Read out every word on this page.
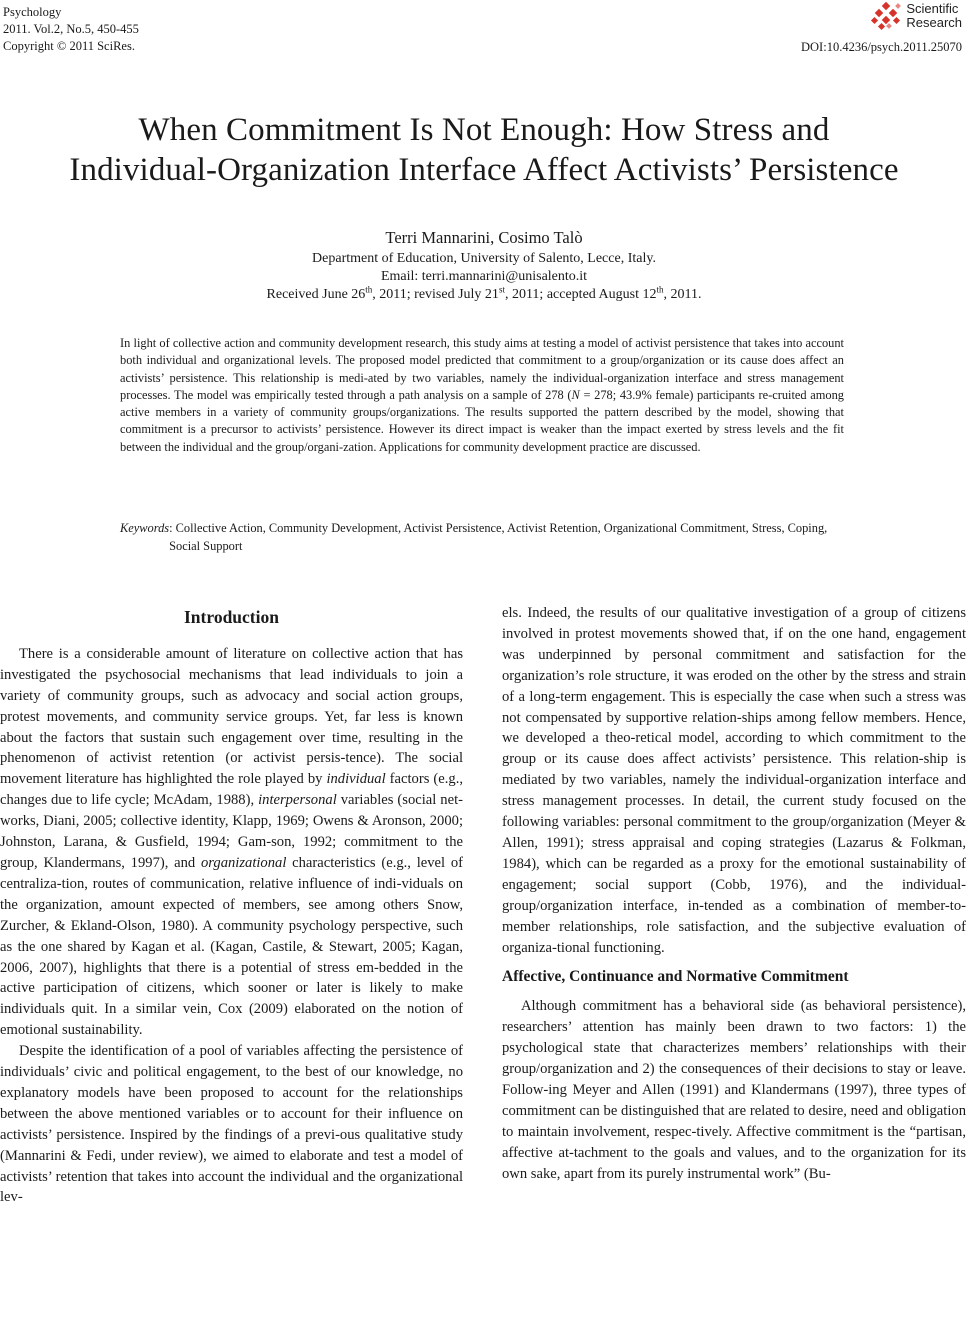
Psychology
2011. Vol.2, No.5, 450-455
Copyright © 2011 SciRes.
Scientific
Research
DOI:10.4236/psych.2011.25070
When Commitment Is Not Enough: How Stress and
Individual-Organization Interface Affect Activists’ Persistence
Terri Mannarini, Cosimo Talò
Department of Education, University of Salento, Lecce, Italy.
Email: terri.mannarini@unisalento.it
Received June 26th, 2011; revised July 21st, 2011; accepted August 12th, 2011.
In light of collective action and community development research, this study aims at testing a model of activist persistence that takes into account both individual and organizational levels. The proposed model predicted that commitment to a group/organization or its cause does affect an activists’ persistence. This relationship is medi-ated by two variables, namely the individual-organization interface and stress management processes. The model was empirically tested through a path analysis on a sample of 278 (N = 278; 43.9% female) participants re-cruited among active members in a variety of community groups/organizations. The results supported the pattern described by the model, showing that commitment is a precursor to activists’ persistence. However its direct impact is weaker than the impact exerted by stress levels and the fit between the individual and the group/organi-zation. Applications for community development practice are discussed.
Keywords : Collective Action, Community Development, Activist Persistence, Activist Retention, Organizational Commitment, Stress, Coping, Social Support
Introduction

There is a considerable amount of literature on collective action that has investigated the psychosocial mechanisms that lead individuals to join a variety of community groups, such as advocacy and social action groups, protest movements, and community service groups. Yet, far less is known about the factors that sustain such engagement over time, resulting in the phenomenon of activist retention (or activist persis-tence). The social movement literature has highlighted the role played by individual factors (e.g., changes due to life cycle; McAdam, 1988), interpersonal variables (social net-works, Diani, 2005; collective identity, Klapp, 1969; Owens & Aronson, 2000; Johnston, Larana, & Gusfield, 1994; Gam-son, 1992; commitment to the group, Klandermans, 1997), and organizational characteristics (e.g., level of centraliza-tion, routes of communication, relative influence of indi-viduals on the organization, amount expected of members, see among others Snow, Zurcher, & Ekland-Olson, 1980). A community psychology perspective, such as the one shared by Kagan et al. (Kagan, Castile, & Stewart, 2005; Kagan, 2006, 2007), highlights that there is a potential of stress em-bedded in the active participation of citizens, which sooner or later is likely to make individuals quit. In a similar vein, Cox (2009) elaborated on the notion of emotional sustainability.

Despite the identification of a pool of variables affecting the persistence of individuals’ civic and political engagement, to the best of our knowledge, no explanatory models have been proposed to account for the relationships between the above mentioned variables or to account for their influence on activists’ persistence. Inspired by the findings of a previ-ous qualitative study (Mannarini & Fedi, under review), we aimed to elaborate and test a model of activists’ retention that takes into account the individual and the organizational lev-

els. Indeed, the results of our qualitative investigation of a group of citizens involved in protest movements showed that, if on the one hand, engagement was underpinned by personal commitment and satisfaction for the organization’s role structure, it was eroded on the other by the stress and strain of a long-term engagement. This is especially the case when such a stress was not compensated by supportive relation-ships among fellow members. Hence, we developed a theo-retical model, according to which commitment to the group or its cause does affect activists’ persistence. This relation-ship is mediated by two variables, namely the individual-organization interface and stress management processes. In detail, the current study focused on the following variables: personal commitment to the group/organization (Meyer & Allen, 1991); stress appraisal and coping strategies (Lazarus & Folkman, 1984), which can be regarded as a proxy for the emotional sustainability of engagement; social support (Cobb, 1976), and the individual-group/organization interface, in-tended as a combination of member-to-member relationships, role satisfaction, and the subjective evaluation of organiza-tional functioning.

Affective, Continuance and Normative Commitment

Although commitment has a behavioral side (as behavioral persistence), researchers’ attention has mainly been drawn to two factors: 1) the psychological state that characterizes members’ relationships with their group/organization and 2) the consequences of their decisions to stay or leave. Follow-ing Meyer and Allen (1991) and Klandermans (1997), three types of commitment can be distinguished that are related to desire, need and obligation to maintain involvement, respec-tively. Affective commitment is the “partisan, affective at-tachment to the goals and values, and to the organization for its own sake, apart from its purely instrumental work” (Bu-
